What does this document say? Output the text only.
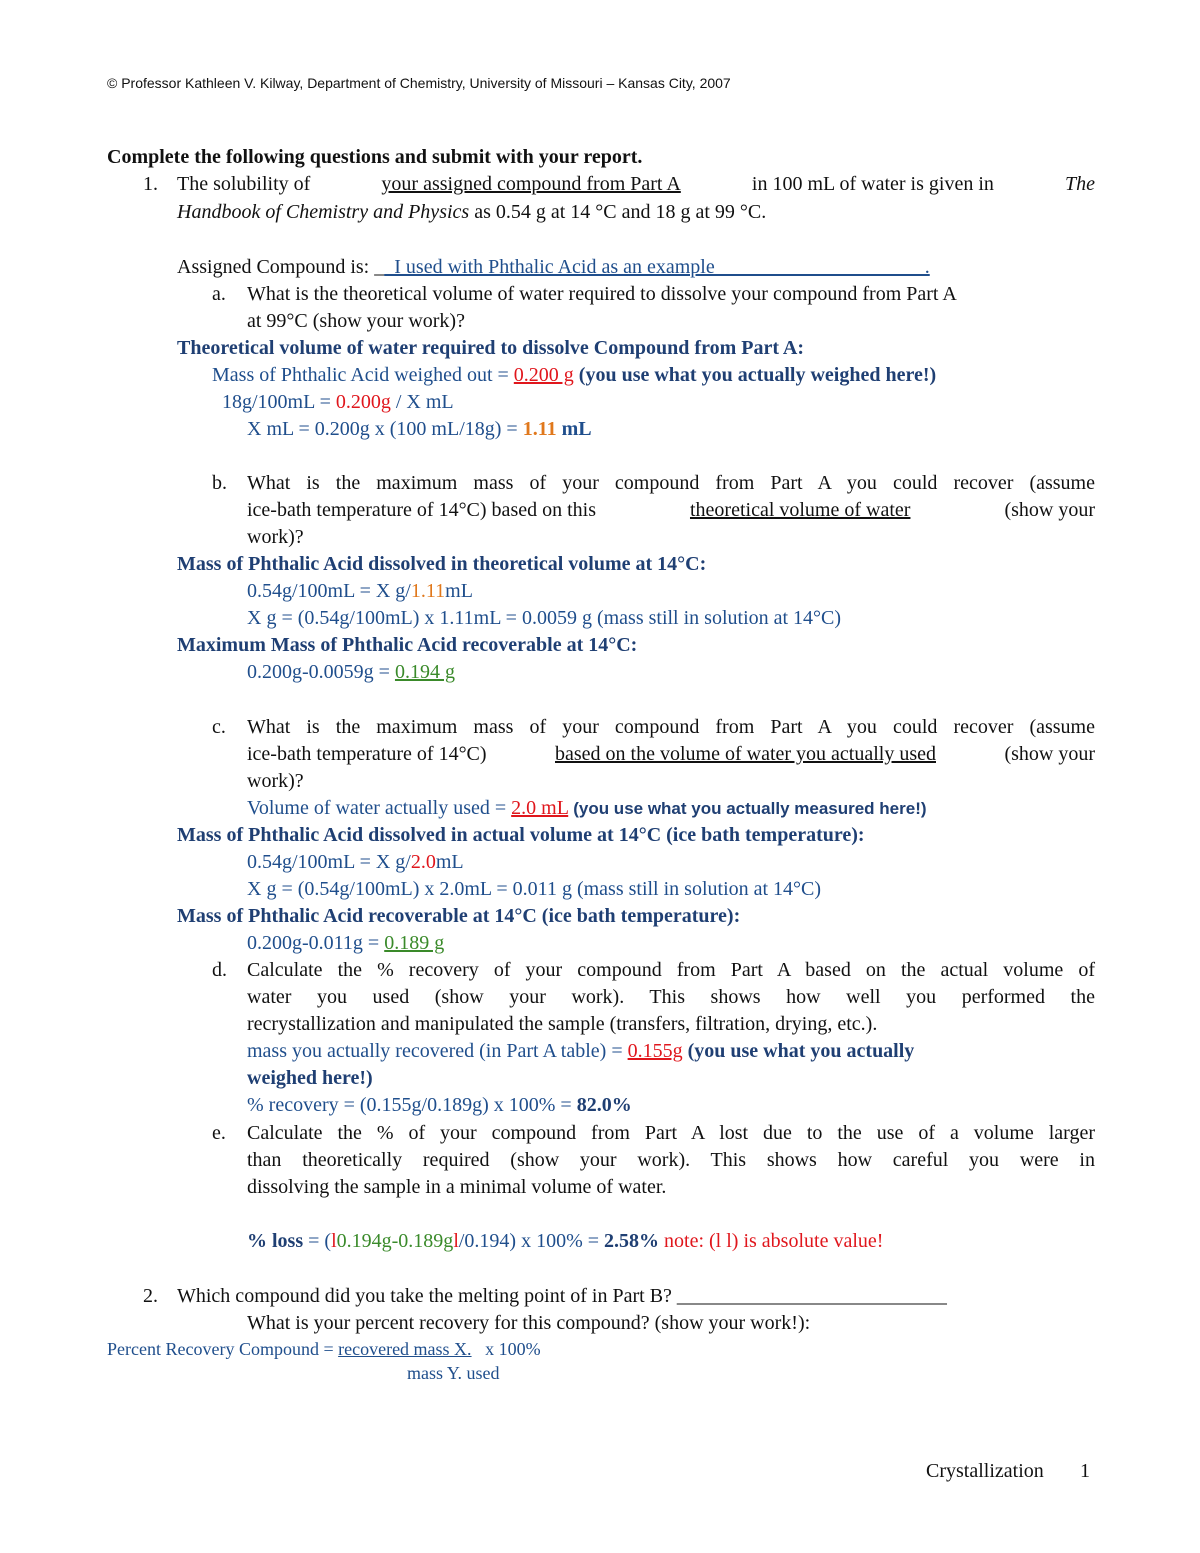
© Professor Kathleen V. Kilway, Department of Chemistry, University of Missouri – Kansas City, 2007
Complete the following questions and submit with your report.
1. The solubility of	your assigned compound from Part A	in 100 mL of water is given in	The
Handbook of Chemistry and Physics as 0.54 g at 14 °C and 18 g at 99 °C.
Assigned Compound is: __I used with Phthalic Acid as an example_____________________.
a. What is the theoretical volume of water required to dissolve your compound from Part A
at 99°C (show your work)?
Theoretical volume of water required to dissolve Compound from Part A:
Mass of Phthalic Acid weighed out = 0.200 g (you use what you actually weighed here!)
18g/100mL = 0.200g / X mL
X mL = 0.200g x (100 mL/18g) = 1.11 mL
b. What is the maximum mass of your compound from Part A you could recover (assume
ice-bath temperature of 14°C) based on this	theoretical volume of water	(show your
work)?
Mass of Phthalic Acid dissolved in theoretical volume at 14°C:
0.54g/100mL = X g/1.11mL
X g = (0.54g/100mL) x 1.11mL = 0.0059 g (mass still in solution at 14°C)
Maximum Mass of Phthalic Acid recoverable at 14°C:
0.200g-0.0059g = 0.194 g
c. What is the maximum mass of your compound from Part A you could recover (assume
ice-bath temperature of 14°C)	based on the volume of water you actually used	(show your
work)?
Volume of water actually used = 2.0 mL (you use what you actually measured here!)
Mass of Phthalic Acid dissolved in actual volume at 14°C (ice bath temperature):
0.54g/100mL = X g/2.0mL
X g = (0.54g/100mL) x 2.0mL = 0.011 g (mass still in solution at 14°C)
Mass of Phthalic Acid recoverable at 14°C (ice bath temperature):
0.200g-0.011g = 0.189 g
d. Calculate the % recovery of your compound from Part A based on the actual volume of
water you used (show your work). This shows how well you performed the
recrystallization and manipulated the sample (transfers, filtration, drying, etc.).
mass you actually recovered (in Part A table) = 0.155g (you use what you actually
weighed here!)
% recovery = (0.155g/0.189g) x 100% = 82.0%
e. Calculate the % of your compound from Part A lost due to the use of a volume larger
than theoretically required (show your work). This shows how careful you were in
dissolving the sample in a minimal volume of water.
% loss = (l0.194g-0.189gl/0.194) x 100% = 2.58% note: (l l) is absolute value!
2. Which compound did you take the melting point of in Part B? ___________________________
What is your percent recovery for this compound? (show your work!):
Percent Recovery Compound = recovered mass X. x 100%
mass Y. used
Crystallization 1
